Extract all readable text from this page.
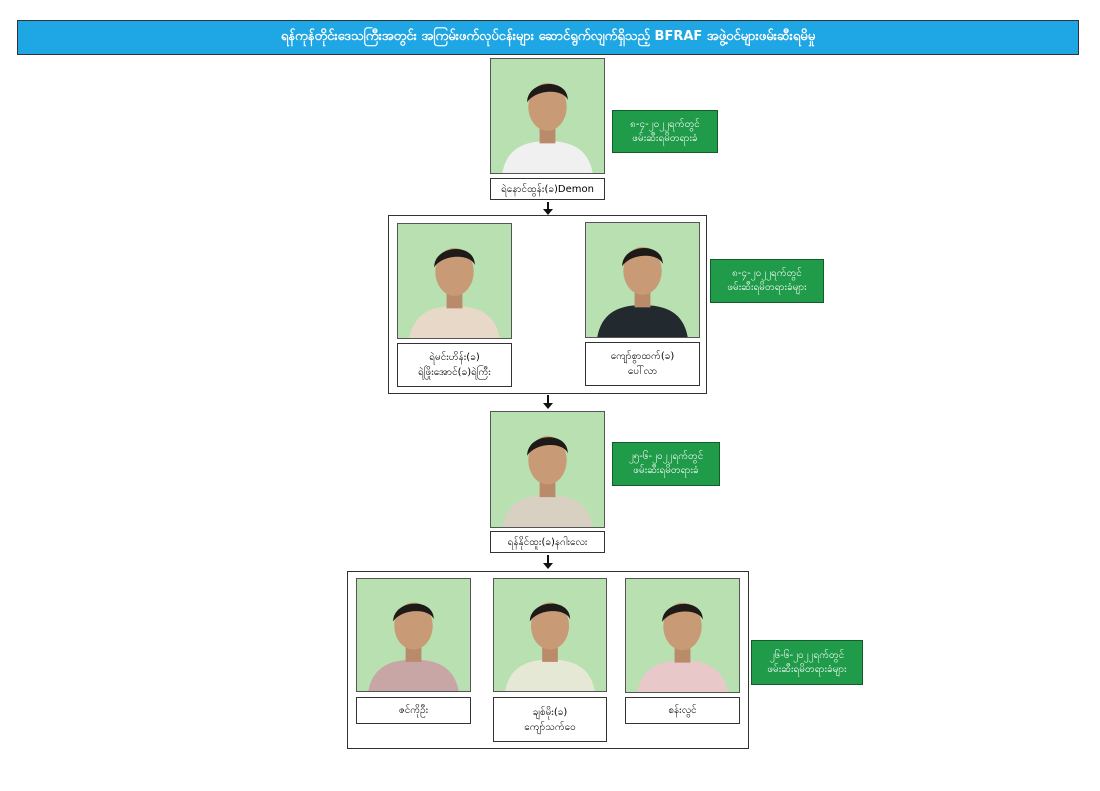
ရန်ကုန်တိုင်းဒေသကြီးအတွင်း အကြမ်းဖက်လုပ်ငန်းများ ဆောင်ရွက်လျက်ရှိသည့် BFRAF အဖွဲ့ဝင်များဖမ်းဆီးရမိမှု
ရဲနောင်ထွန်း(ခ)Demon
၈-၄-၂၀၂၂ရက်တွင်
ဖမ်းဆီးရမိတရားခံ
ရဲမင်းဟိန်း(ခ)
ရဲဖြိုးအောင်(ခ)ရဲကြီး
ကျော်စွာထက်(ခ)
ပေါ်လာ
၈-၄-၂၀၂၂ရက်တွင်
ဖမ်းဆီးရမိတရားခံများ
ရန်နိုင်ထူး(ခ)နဂါးလေး
၂၅-၆-၂၀၂၂ရက်တွင်
ဖမ်းဆီးရမိတရားခံ
ဇင်ကိုဦး	ချစ်မိုး(ခ)
ကျော်သက်ဝေ
စန်းလွင်
၂၆-၆-၂၀၂၂ရက်တွင်
ဖမ်းဆီးရမိတရားခံများ
